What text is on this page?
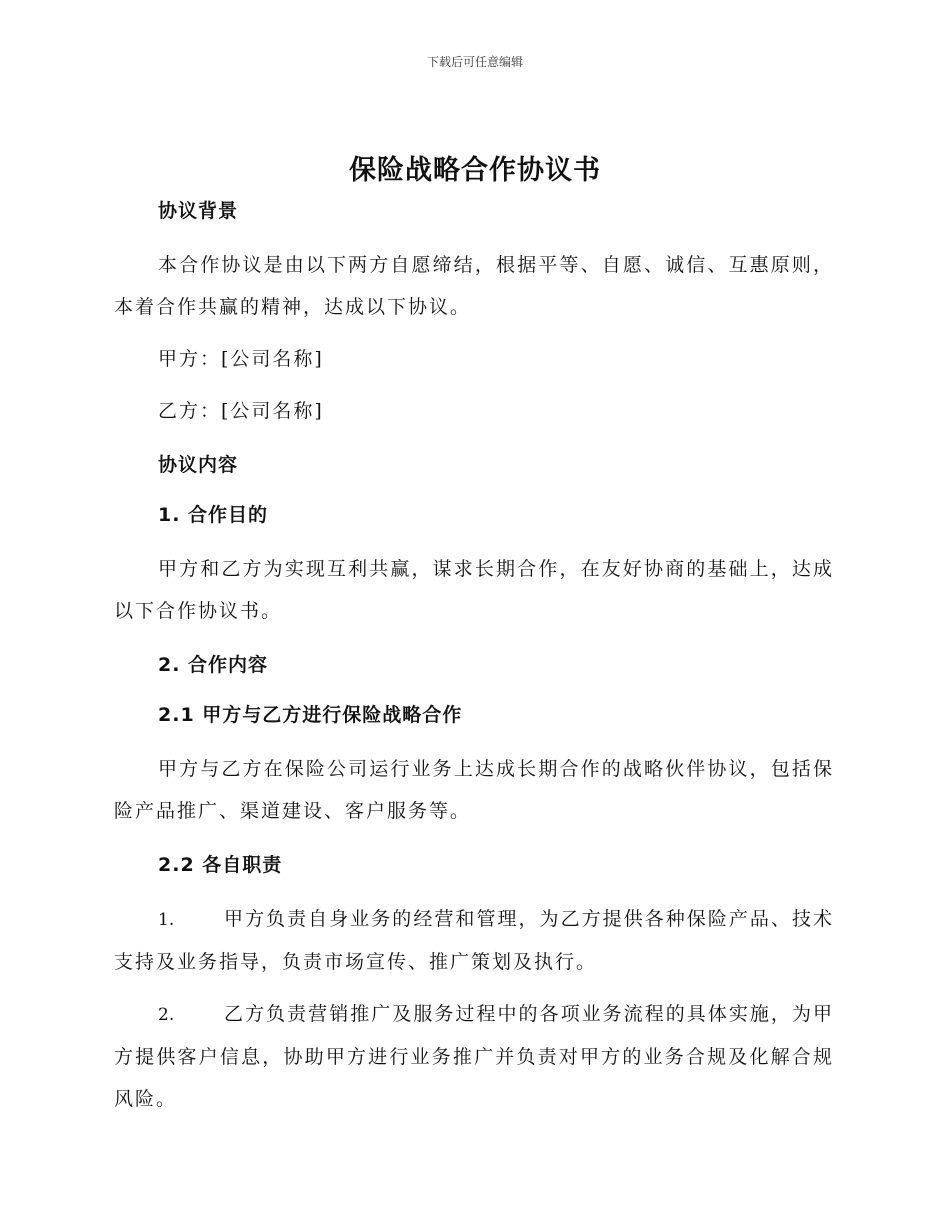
下载后可任意编辑
保险战略合作协议书

协议背景

本合作协议是由以下两方自愿缔结，根据平等、自愿、诚信、互惠原则，本着合作共赢的精神，达成以下协议。

甲方：[公司名称]

乙方：[公司名称]

协议内容

1. 合作目的

甲方和乙方为实现互利共赢，谋求长期合作，在友好协商的基础上，达成以下合作协议书。

2. 合作内容

2.1 甲方与乙方进行保险战略合作

甲方与乙方在保险公司运行业务上达成长期合作的战略伙伴协议，包括保险产品推广、渠道建设、客户服务等。

2.2 各自职责

1.	甲方负责自身业务的经营和管理，为乙方提供各种保险产品、技术支持及业务指导，负责市场宣传、推广策划及执行。

2.	乙方负责营销推广及服务过程中的各项业务流程的具体实施，为甲方提供客户信息，协助甲方进行业务推广并负责对甲方的业务合规及化解合规风险。
